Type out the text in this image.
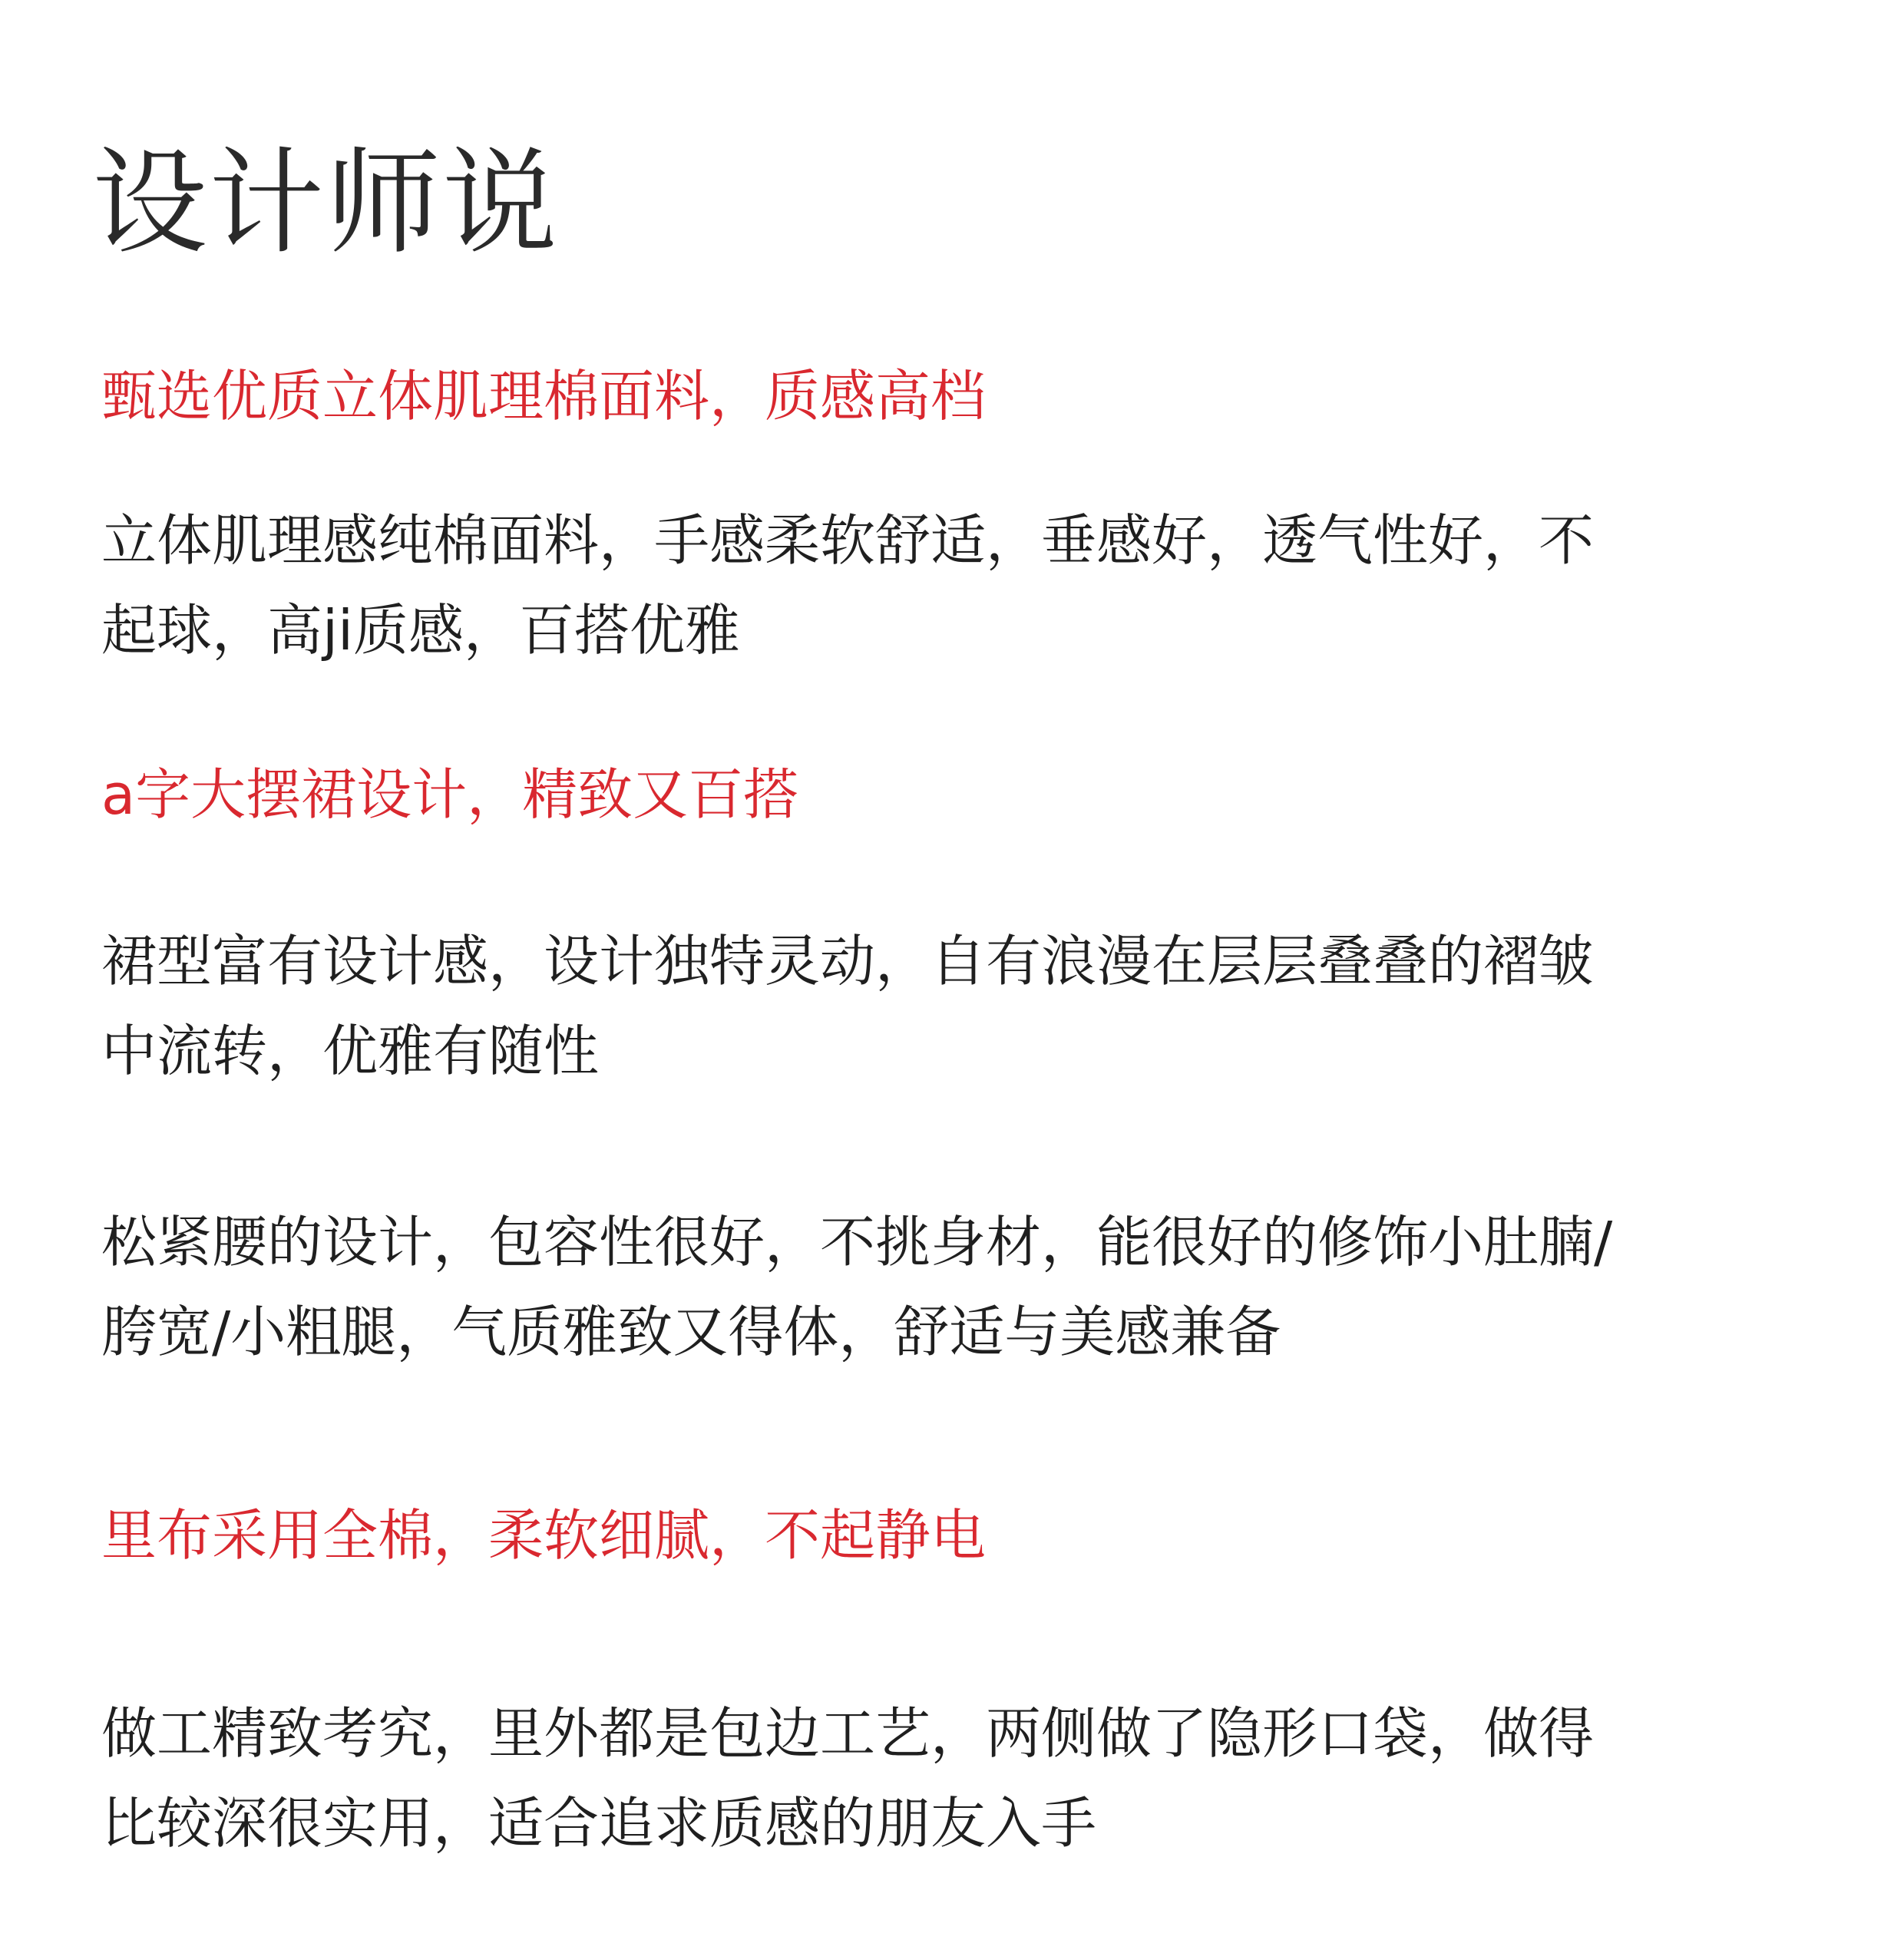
设计师说
甄选优质立体肌理棉面料，质感高档
立体肌理感纯棉面料，手感柔软舒适，垂感好，透气性好，不
起球，高ji质感，百搭优雅
a字大摆裙设计，精致又百搭
裙型富有设计感，设计独特灵动，自有浪漫在层层叠叠的褶皱
中流转，优雅有随性
松紧腰的设计，包容性很好，不挑身材，能很好的修饰小肚腩/
胯宽/小粗腿，气质雅致又得体，舒适与美感兼备
里布采用全棉，柔软细腻，不起静电
做工精致考究，里外都是包边工艺，两侧做了隐形口袋，做得
比较深很实用，适合追求质感的朋友入手
